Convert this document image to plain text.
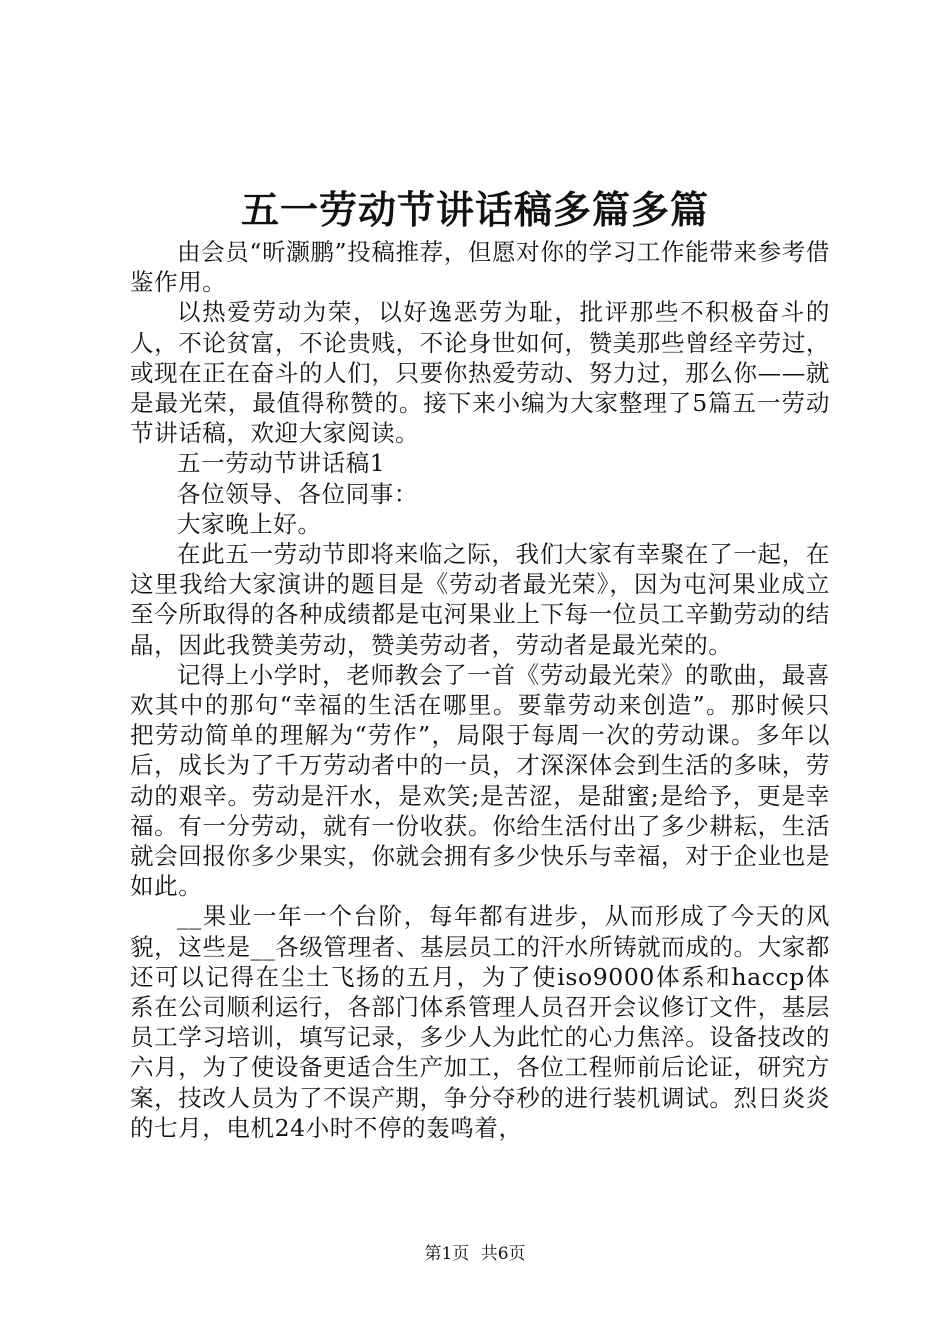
五一劳动节讲话稿多篇多篇

由会员“昕灏鹏”投稿推荐，但愿对你的学习工作能带来参考借鉴作用。

以热爱劳动为荣，以好逸恶劳为耻，批评那些不积极奋斗的人，不论贫富，不论贵贱，不论身世如何，赞美那些曾经辛劳过，或现在正在奋斗的人们，只要你热爱劳动、努力过，那么你——就是最光荣，最值得称赞的。接下来小编为大家整理了5篇五一劳动节讲话稿，欢迎大家阅读。

五一劳动节讲话稿1

各位领导、各位同事：

大家晚上好。

在此五一劳动节即将来临之际，我们大家有幸聚在了一起，在这里我给大家演讲的题目是《劳动者最光荣》，因为屯河果业成立至今所取得的各种成绩都是屯河果业上下每一位员工辛勤劳动的结晶，因此我赞美劳动，赞美劳动者，劳动者是最光荣的。

记得上小学时，老师教会了一首《劳动最光荣》的歌曲，最喜欢其中的那句“幸福的生活在哪里。要靠劳动来创造”。那时候只把劳动简单的理解为“劳作”，局限于每周一次的劳动课。多年以后，成长为了千万劳动者中的一员，才深深体会到生活的多味，劳动的艰辛。劳动是汗水，是欢笑;是苦涩，是甜蜜;是给予，更是幸福。有一分劳动，就有一份收获。你给生活付出了多少耕耘，生活就会回报你多少果实，你就会拥有多少快乐与幸福，对于企业也是如此。

__果业一年一个台阶，每年都有进步，从而形成了今天的风貌，这些是__各级管理者、基层员工的汗水所铸就而成的。大家都还可以记得在尘土飞扬的五月，为了使iso9000体系和haccp体系在公司顺利运行，各部门体系管理人员召开会议修订文件，基层员工学习培训，填写记录，多少人为此忙的心力焦淬。设备技改的六月，为了使设备更适合生产加工，各位工程师前后论证，研究方案，技改人员为了不误产期，争分夺秒的进行装机调试。烈日炎炎的七月，电机24小时不停的轰鸣着，

第1页 共6页
